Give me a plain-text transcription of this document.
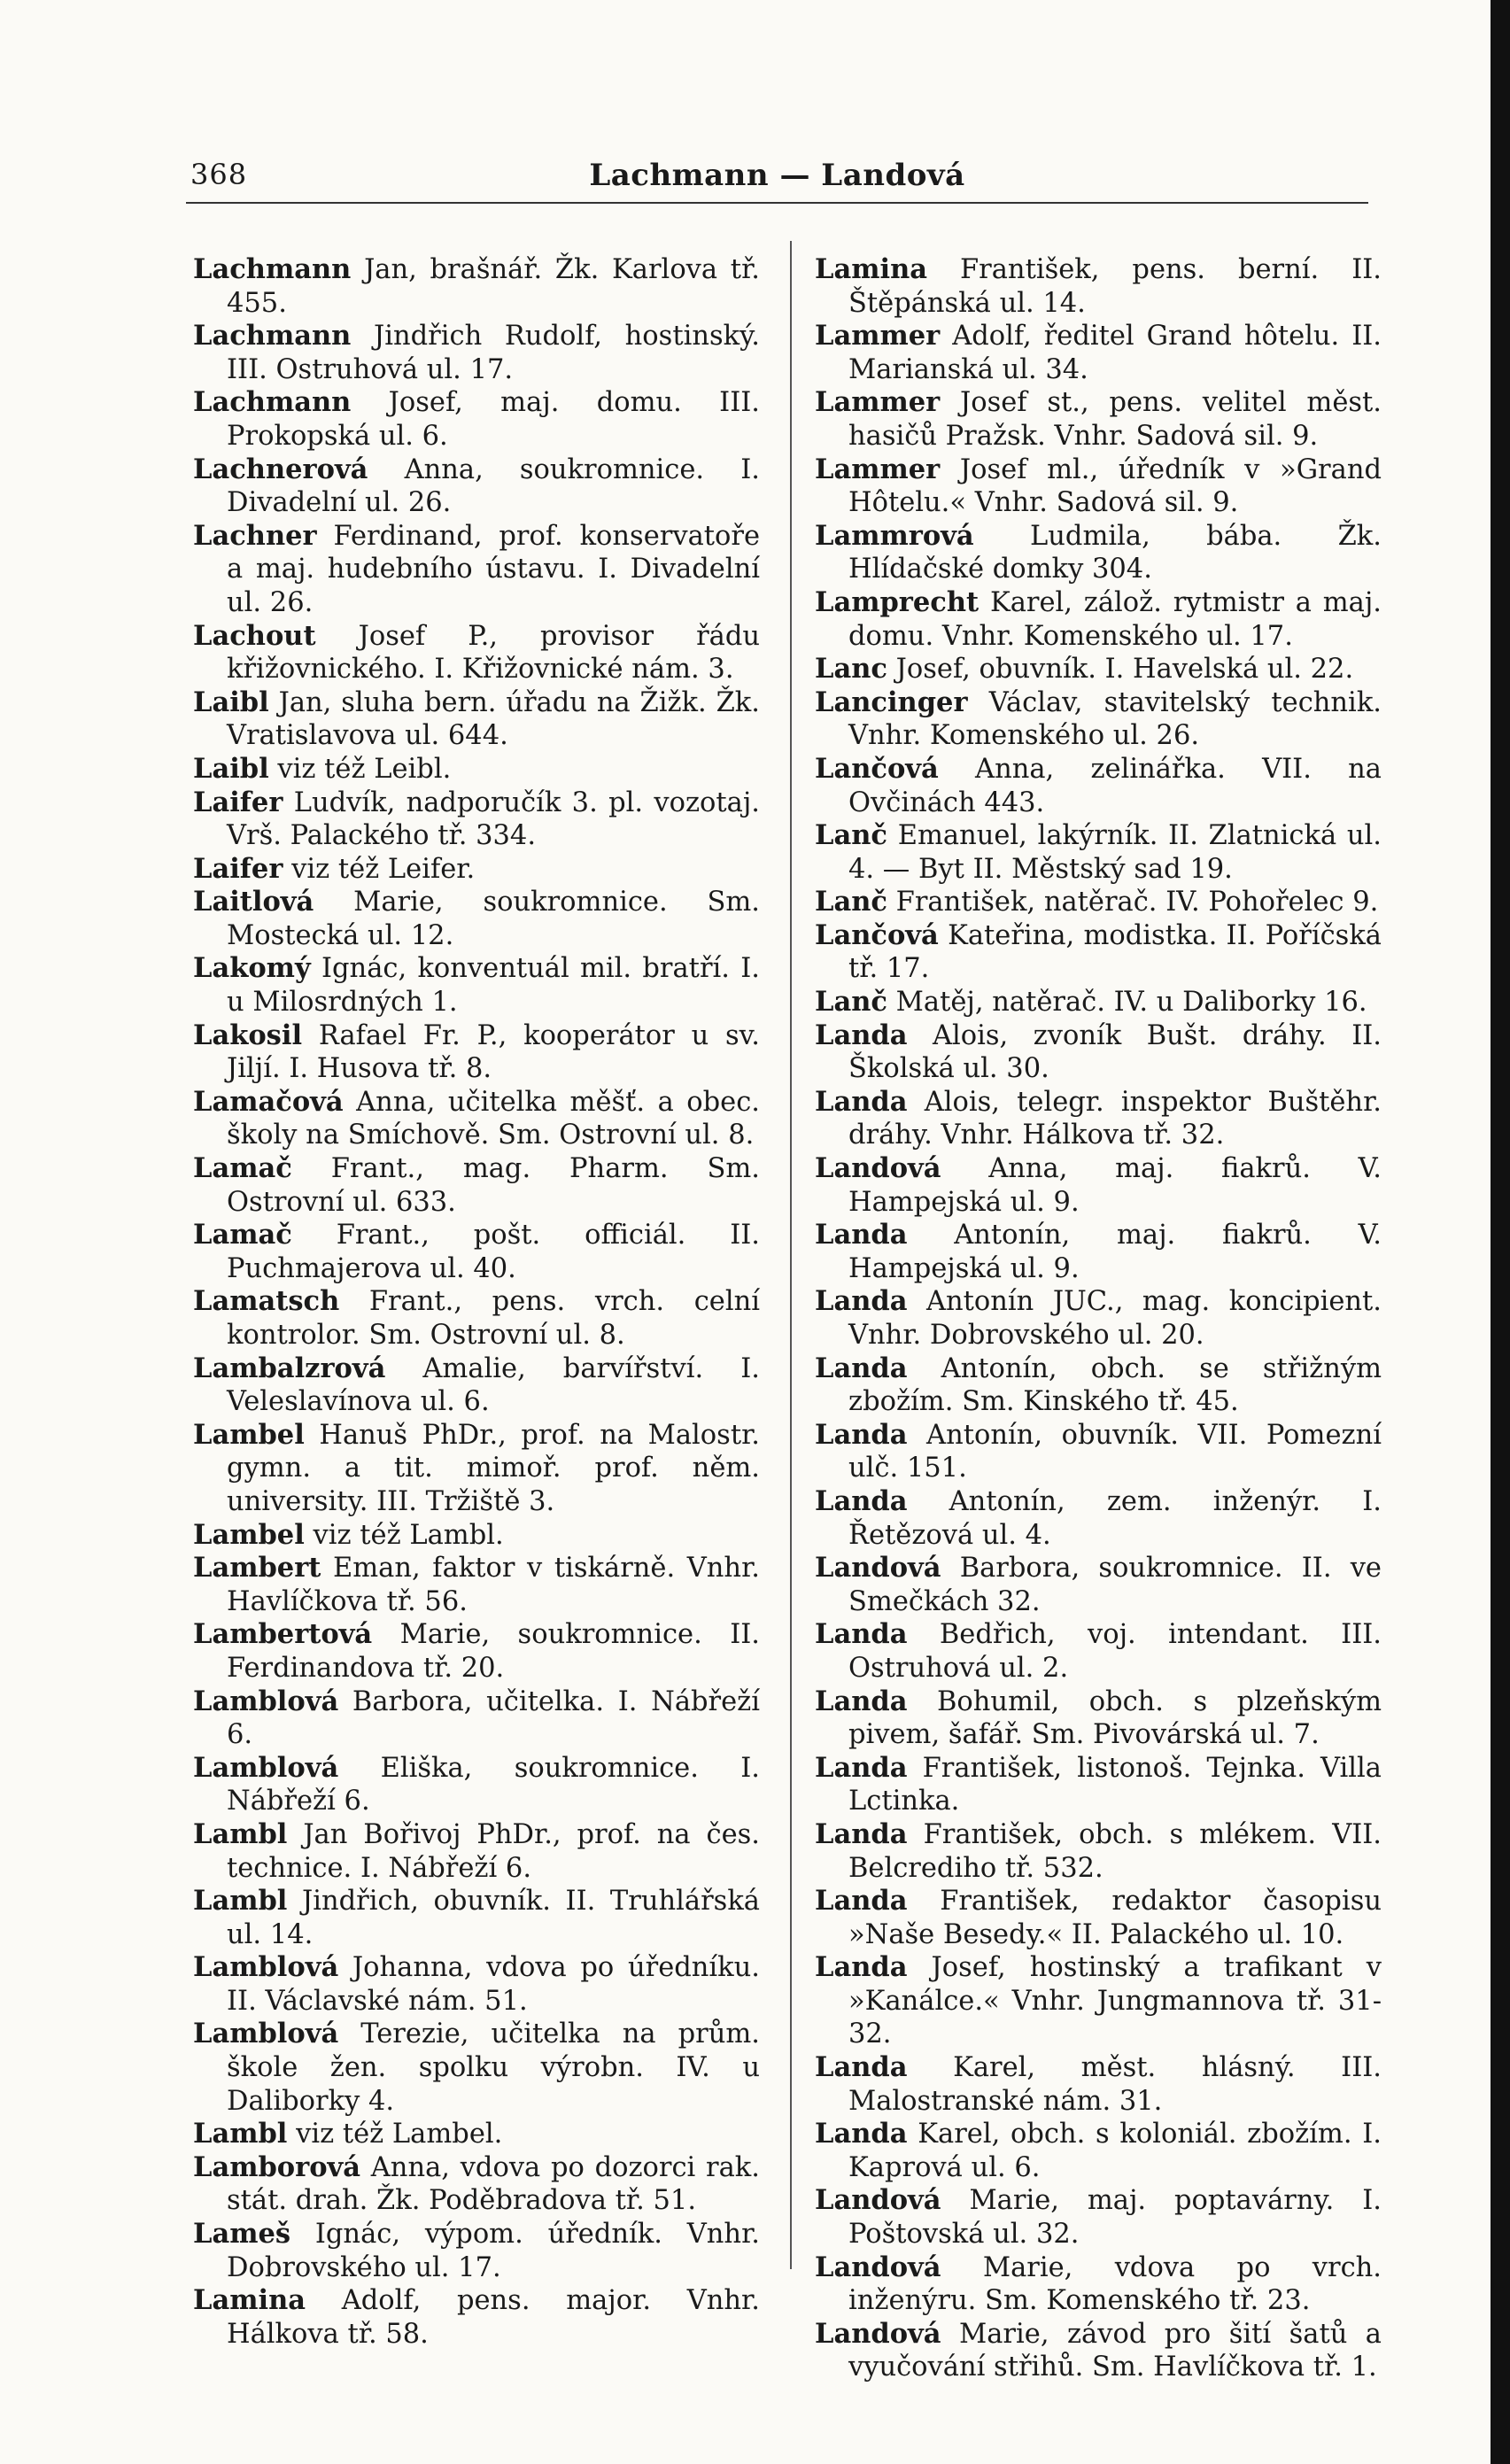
368	Lachmann — Landová

Lachmann Jan, brašnář. Žk. Karlova tř. 455.

Lachmann Jindřich Rudolf, hostinský. III. Ostruhová ul. 17.

Lachmann Josef, maj. domu. III. Prokopská ul. 6.

Lachnerová Anna, soukromnice. I. Divadelní ul. 26.

Lachner Ferdinand, prof. konservatoře a maj. hudebního ústavu. I. Divadelní ul. 26.

Lachout Josef P., provisor řádu křižovnického. I. Křižovnické nám. 3.

Laibl Jan, sluha bern. úřadu na Žižk. Žk. Vratislavova ul. 644.

Laibl viz též Leibl.

Laifer Ludvík, nadporučík 3. pl. vozotaj. Vrš. Palackého tř. 334.

Laifer viz též Leifer.

Laitlová Marie, soukromnice. Sm. Mostecká ul. 12.

Lakomý Ignác, konventuál mil. bratří. I. u Milosrdných 1.

Lakosil Rafael Fr. P., kooperátor u sv. Jiljí. I. Husova tř. 8.

Lamačová Anna, učitelka měšť. a obec. školy na Smíchově. Sm. Ostrovní ul. 8.

Lamač Frant., mag. Pharm. Sm. Ostrovní ul. 633.

Lamač Frant., pošt. officiál. II. Puchmajerova ul. 40.

Lamatsch Frant., pens. vrch. celní kontrolor. Sm. Ostrovní ul. 8.

Lambalzrová Amalie, barvířství. I. Veleslavínova ul. 6.

Lambel Hanuš PhDr., prof. na Malostr. gymn. a tit. mimoř. prof. něm. university. III. Tržiště 3.

Lambel viz též Lambl.

Lambert Eman, faktor v tiskárně. Vnhr. Havlíčkova tř. 56.

Lambertová Marie, soukromnice. II. Ferdinandova tř. 20.

Lamblová Barbora, učitelka. I. Nábřeží 6.

Lamblová Eliška, soukromnice. I. Nábřeží 6.

Lambl Jan Bořivoj PhDr., prof. na čes. technice. I. Nábřeží 6.

Lambl Jindřich, obuvník. II. Truhlářská ul. 14.

Lamblová Johanna, vdova po úředníku. II. Václavské nám. 51.

Lamblová Terezie, učitelka na prům. škole žen. spolku výrobn. IV. u Daliborky 4.

Lambl viz též Lambel.

Lamborová Anna, vdova po dozorci rak. stát. drah. Žk. Poděbradova tř. 51.

Lameš Ignác, výpom. úředník. Vnhr. Dobrovského ul. 17.

Lamina Adolf, pens. major. Vnhr. Hálkova tř. 58.

Lamina František, pens. berní. II. Štěpánská ul. 14.

Lammer Adolf, ředitel Grand hôtelu. II. Marianská ul. 34.

Lammer Josef st., pens. velitel měst. hasičů Pražsk. Vnhr. Sadová sil. 9.

Lammer Josef ml., úředník v »Grand Hôtelu.« Vnhr. Sadová sil. 9.

Lammrová Ludmila, bába. Žk. Hlídačské domky 304.

Lamprecht Karel, zálož. rytmistr a maj. domu. Vnhr. Komenského ul. 17.

Lanc Josef, obuvník. I. Havelská ul. 22.

Lancinger Václav, stavitelský technik. Vnhr. Komenského ul. 26.

Lančová Anna, zelinářka. VII. na Ovčinách 443.

Lanč Emanuel, lakýrník. II. Zlatnická ul. 4. — Byt II. Městský sad 19.

Lanč František, natěrač. IV. Pohořelec 9.

Lančová Kateřina, modistka. II. Poříčská tř. 17.

Lanč Matěj, natěrač. IV. u Daliborky 16.

Landa Alois, zvoník Bušt. dráhy. II. Školská ul. 30.

Landa Alois, telegr. inspektor Buštěhr. dráhy. Vnhr. Hálkova tř. 32.

Landová Anna, maj. fiakrů. V. Hampejská ul. 9.

Landa Antonín, maj. fiakrů. V. Hampejská ul. 9.

Landa Antonín JUC., mag. koncipient. Vnhr. Dobrovského ul. 20.

Landa Antonín, obch. se střižným zbožím. Sm. Kinského tř. 45.

Landa Antonín, obuvník. VII. Pomezní ulč. 151.

Landa Antonín, zem. inženýr. I. Řetězová ul. 4.

Landová Barbora, soukromnice. II. ve Smečkách 32.

Landa Bedřich, voj. intendant. III. Ostruhová ul. 2.

Landa Bohumil, obch. s plzeňským pivem, šafář. Sm. Pivovárská ul. 7.

Landa František, listonoš. Tejnka. Villa Lctinka.

Landa František, obch. s mlékem. VII. Belcrediho tř. 532.

Landa František, redaktor časopisu »Naše Besedy.« II. Palackého ul. 10.

Landa Josef, hostinský a trafikant v »Kanálce.« Vnhr. Jungmannova tř. 31-32.

Landa Karel, měst. hlásný. III. Malostranské nám. 31.

Landa Karel, obch. s koloniál. zbožím. I. Kaprová ul. 6.

Landová Marie, maj. poptavárny. I. Poštovská ul. 32.

Landová Marie, vdova po vrch. inženýru. Sm. Komenského tř. 23.

Landová Marie, závod pro šití šatů a vyučování střihů. Sm. Havlíčkova tř. 1.
